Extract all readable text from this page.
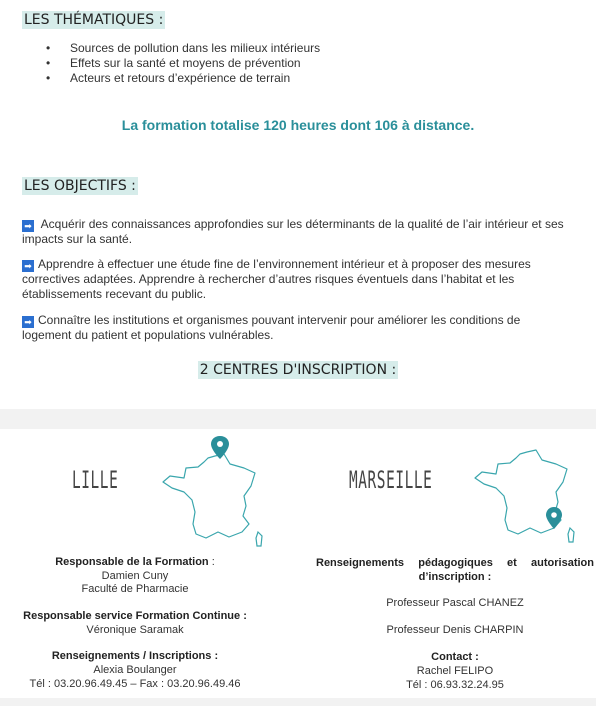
LES THÉMATIQUES :
• Sources de pollution dans les milieux intérieurs
• Effets sur la santé et moyens de prévention
• Acteurs et retours d’expérience de terrain
La formation totalise 120 heures dont 106 à distance.
LES OBJECTIFS :

➡ Acquérir des connaissances approfondies sur les déterminants de la qualité de l’air intérieur et ses impacts sur la santé.

➡ Apprendre à effectuer une étude fine de l’environnement intérieur et à proposer des mesures correctives adaptées. Apprendre à rechercher d’autres risques éventuels dans l’habitat et les établissements recevant du public.

➡ Connaître les institutions et organismes pouvant intervenir pour améliorer les conditions de logement du patient et populations vulnérables.

2 CENTRES D'INSCRIPTION :
LILLE
Responsable de la Formation :
Damien Cuny
Faculté de Pharmacie
Responsable service Formation Continue :
Véronique Saramak
Renseignements / Inscriptions :
Alexia Boulanger
Tél : 03.20.96.49.45 – Fax : 03.20.96.49.46
MARSEILLE
Renseignements pédagogiques et autorisation
d’inscription :
Professeur Pascal CHANEZ
Professeur Denis CHARPIN
Contact :
Rachel FELIPO
Tél : 06.93.32.24.95
